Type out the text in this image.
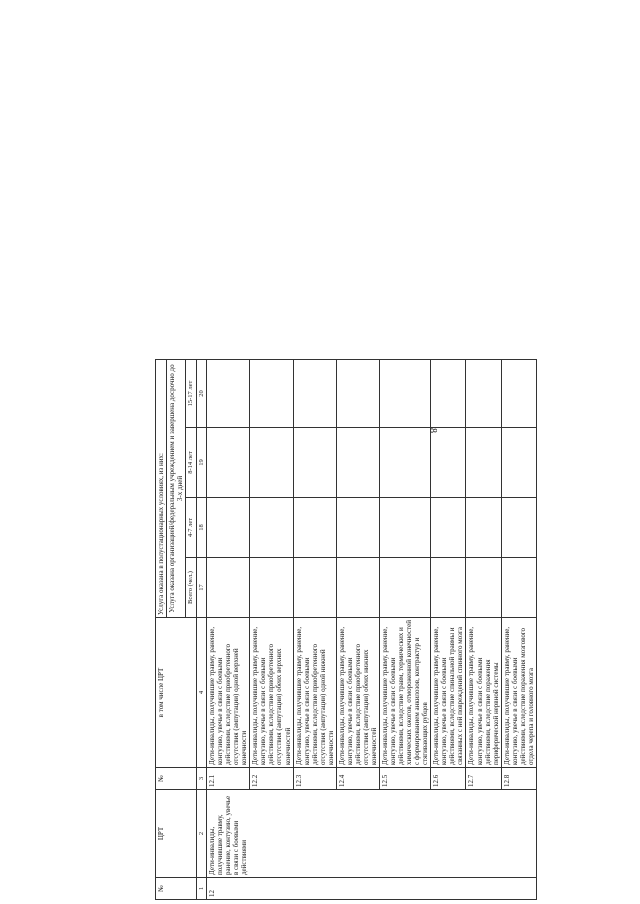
8
№	ЦРТ	№	в том числе ЦРТ	Услуга оказана в полустационарных условиях, из них:			
				Услуга оказана организацией/федеральным учреждением и завершена досрочно до 3-х дней			
				Всего (чел.)	4-7 лет	8-14 лет	15-17 лет
1	2	3	4	17	18	19	20
12	Дети-инвалиды, получившие травму, ранение, контузию, увечье в связи с боевыми действиями	12.1	Дети-инвалиды, получившие травму, ранение, контузию, увечье в связи с боевыми действиями, вследствие приобретенного отсутствия (ампутации) одной верхней конечности				
		12.2	Дети-инвалиды, получившие травму, ранение, контузию, увечье в связи с боевыми действиями, вследствие приобретенного отсутствия (ампутации) обеих верхних конечностей				
		12.3	Дети-инвалиды, получившие травму, ранение, контузию, увечье в связи с боевыми действиями, вследствие приобретенного отсутствия (ампутации) одной нижней конечности				
		12.4	Дети-инвалиды, получившие травму, ранение, контузию, увечье в связи с боевыми действиями, вследствие приобретенного отсутствия (ампутации) обеих нижних конечностей				
		12.5	Дети-инвалиды, получившие травму, ранение, контузию, увечье в связи с боевыми действиями, вследствие травм, термических и химических ожогов, отмороженной конечностей с формированием анкилозов, контрактур и стягивающих рубцов				
		12.6	Дети-инвалиды, получившие травму, ранение, контузию, увечье в связи с боевыми действиями, вследствие спинальной травмы и связанных с ней повреждений спинного мозга				
		12.7	Дети-инвалиды, получившие травму, ранение, контузию, увечье в связи с боевыми действиями, вследствие поражения периферической нервной системы				
		12.8	Дети-инвалиды, получившие травму, ранение, контузию, увечье в связи с боевыми действиями, вследствие поражения мозгового отдела черепа и головного мозга				
